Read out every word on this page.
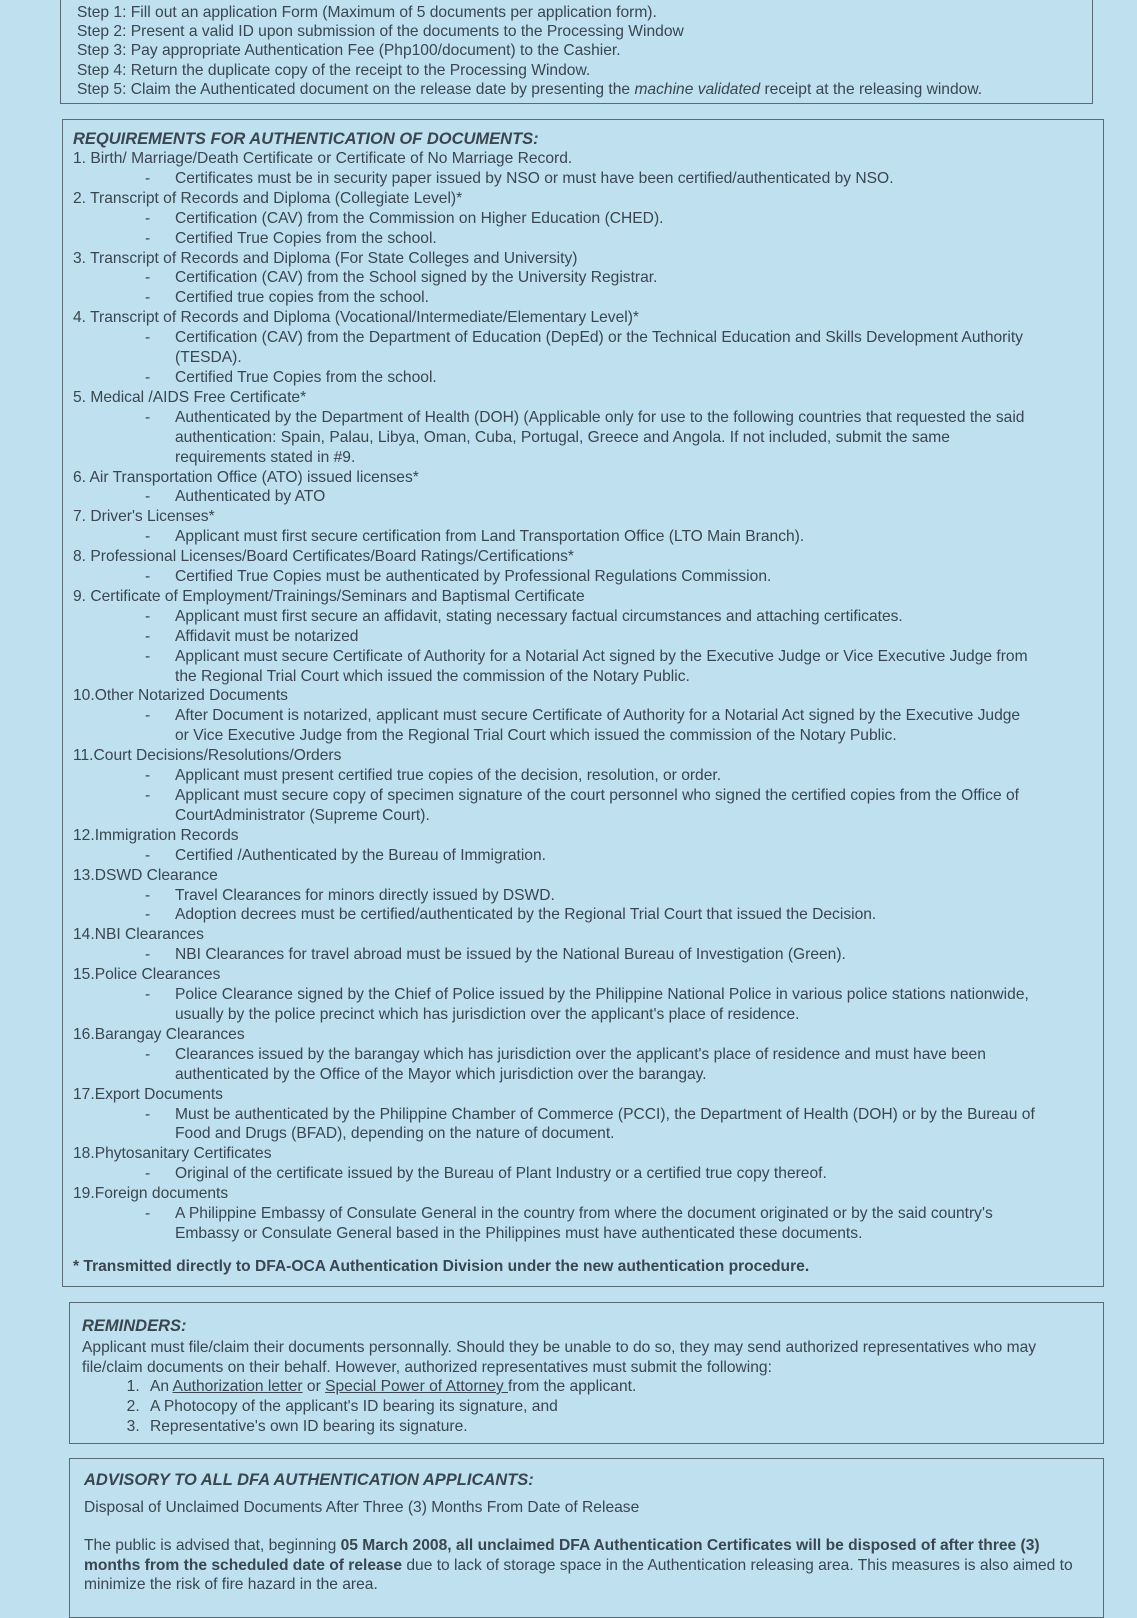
Step 1: Fill out an application Form (Maximum of 5 documents per application form).
Step 2: Present a valid ID upon submission of the documents to the Processing Window
Step 3: Pay appropriate Authentication Fee (Php100/document) to the Cashier.
Step 4: Return the duplicate copy of the receipt to the Processing Window.
Step 5: Claim the Authenticated document on the release date by presenting the machine validated receipt at the releasing window.
REQUIREMENTS FOR AUTHENTICATION OF DOCUMENTS:
1. Birth/ Marriage/Death Certificate or Certificate of No Marriage Record.
- Certificates must be in security paper issued by NSO or must have been certified/authenticated by NSO.
2. Transcript of Records and Diploma (Collegiate Level)*
- Certification (CAV) from the Commission on Higher Education (CHED).
- Certified True Copies from the school.
3. Transcript of Records and Diploma (For State Colleges and University)
- Certification (CAV) from the School signed by the University Registrar.
- Certified true copies from the school.
4. Transcript of Records and Diploma (Vocational/Intermediate/Elementary Level)*
- Certification (CAV) from the Department of Education (DepEd) or the Technical Education and Skills Development Authority (TESDA).
- Certified True Copies from the school.
5. Medical /AIDS Free Certificate*
- Authenticated by the Department of Health (DOH) (Applicable only for use to the following countries that requested the said authentication: Spain, Palau, Libya, Oman, Cuba, Portugal, Greece and Angola. If not included, submit the same requirements stated in #9.
6. Air Transportation Office (ATO) issued licenses*
- Authenticated by ATO
7. Driver's Licenses*
- Applicant must first secure certification from Land Transportation Office (LTO Main Branch).
8. Professional Licenses/Board Certificates/Board Ratings/Certifications*
- Certified True Copies must be authenticated by Professional Regulations Commission.
9. Certificate of Employment/Trainings/Seminars and Baptismal Certificate
- Applicant must first secure an affidavit, stating necessary factual circumstances and attaching certificates.
- Affidavit must be notarized
- Applicant must secure Certificate of Authority for a Notarial Act signed by the Executive Judge or Vice Executive Judge from the Regional Trial Court which issued the commission of the Notary Public.
10.Other Notarized Documents
- After Document is notarized, applicant must secure Certificate of Authority for a Notarial Act signed by the Executive Judge or Vice Executive Judge from the Regional Trial Court which issued the commission of the Notary Public.
11.Court Decisions/Resolutions/Orders
- Applicant must present certified true copies of the decision, resolution, or order.
- Applicant must secure copy of specimen signature of the court personnel who signed the certified copies from the Office of CourtAdministrator (Supreme Court).
12.Immigration Records
- Certified /Authenticated by the Bureau of Immigration.
13.DSWD Clearance
- Travel Clearances for minors directly issued by DSWD.
- Adoption decrees must be certified/authenticated by the Regional Trial Court that issued the Decision.
14.NBI Clearances
- NBI Clearances for travel abroad must be issued by the National Bureau of Investigation (Green).
15.Police Clearances
- Police Clearance signed by the Chief of Police issued by the Philippine National Police in various police stations nationwide, usually by the police precinct which has jurisdiction over the applicant's place of residence.
16.Barangay Clearances
- Clearances issued by the barangay which has jurisdiction over the applicant's place of residence and must have been authenticated by the Office of the Mayor which jurisdiction over the barangay.
17.Export Documents
- Must be authenticated by the Philippine Chamber of Commerce (PCCI), the Department of Health (DOH) or by the Bureau of Food and Drugs (BFAD), depending on the nature of document.
18.Phytosanitary Certificates
- Original of the certificate issued by the Bureau of Plant Industry or a certified true copy thereof.
19.Foreign documents
- A Philippine Embassy of Consulate General in the country from where the document originated or by the said country's Embassy or Consulate General based in the Philippines must have authenticated these documents.
* Transmitted directly to DFA-OCA Authentication Division under the new authentication procedure.
REMINDERS:
Applicant must file/claim their documents personnally. Should they be unable to do so, they may send authorized representatives who may file/claim documents on their behalf. However, authorized representatives must submit the following:
1. An Authorization letter or Special Power of Attorney from the applicant.
2. A Photocopy of the applicant's ID bearing its signature, and
3. Representative's own ID bearing its signature.
ADVISORY TO ALL DFA AUTHENTICATION APPLICANTS:
Disposal of Unclaimed Documents After Three (3) Months From Date of Release
The public is advised that, beginning 05 March 2008, all unclaimed DFA Authentication Certificates will be disposed of after three (3) months from the scheduled date of release due to lack of storage space in the Authentication releasing area. This measures is also aimed to minimize the risk of fire hazard in the area.
